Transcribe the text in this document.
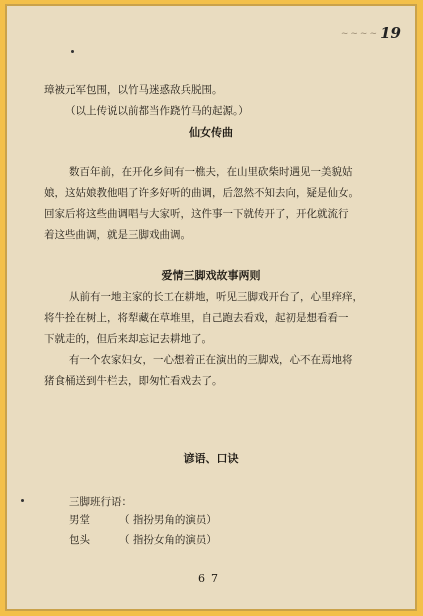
~~~~ 19
璋被元军包围，以竹马迷惑敌兵脱围。
（以上传说以前都当作跷竹马的起源。）
仙女传曲
数百年前，在开化乡间有一樵夫，在山里砍柴时遇见一美貌姑
娘，这姑娘教他唱了许多好听的曲调，后忽然不知去向，疑是仙女。
回家后将这些曲调唱与大家听，这件事一下就传开了，开化就流行
着这些曲调，就是三脚戏曲调。
爱情三脚戏故事两则
从前有一地主家的长工在耕地，听见三脚戏开台了，心里痒痒，
将牛拴在树上，将犁藏在草堆里，自己跑去看戏，起初是想看看一
下就走的，但后来却忘记去耕地了。
有一个农家妇女，一心想着正在演出的三脚戏，心不在焉地将
猪食桶送到牛栏去，即匆忙看戏去了。
谚语、口诀
三脚班行语：
男堂	（ 指扮男角的演员）
包头	（ 指扮女角的演员）
67
